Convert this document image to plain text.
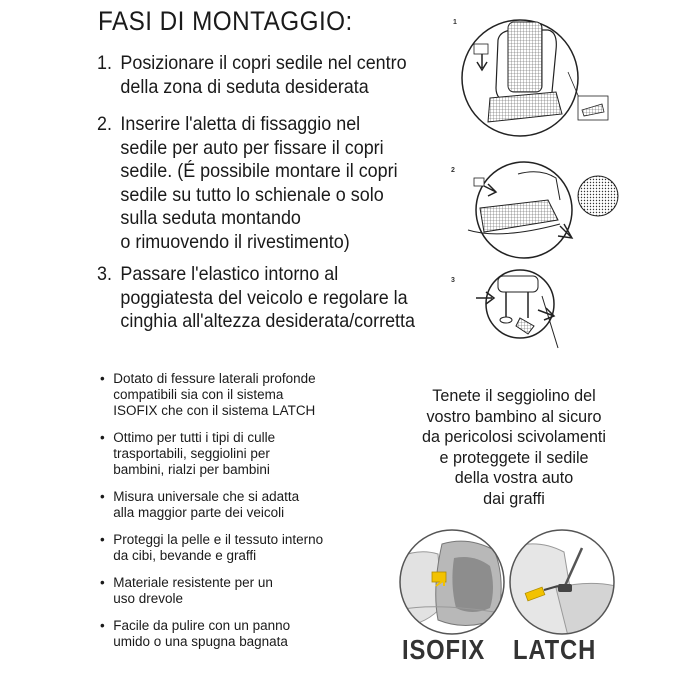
FASI DI MONTAGGIO:
1. Posizionare il copri sedile nel centro
della zona di seduta desiderata
2. Inserire l'aletta di fissaggio nel
sedile per auto per fissare il copri
sedile. (É possibile montare il copri
sedile su tutto lo schienale o solo
sulla seduta montando
o rimuovendo il rivestimento)
3. Passare l'elastico intorno al
poggiatesta del veicolo e regolare la
cinghia all'altezza desiderata/corretta
1
2
3
• Dotato di fessure laterali profonde
compatibili sia con il sistema
ISOFIX che con il sistema LATCH
• Ottimo per tutti i tipi di culle
trasportabili, seggiolini per
bambini, rialzi per bambini
• Misura universale che si adatta
alla maggior parte dei veicoli
• Proteggi la pelle e il tessuto interno
da cibi, bevande e graffi
• Materiale resistente per un
uso drevole
• Facile da pulire con un panno
umido o una spugna bagnata
Tenete il seggiolino del
vostro bambino al sicuro
da pericolosi scivolamenti
e proteggete il sedile
della vostra auto
dai graffi
ISOFIX LATCH
